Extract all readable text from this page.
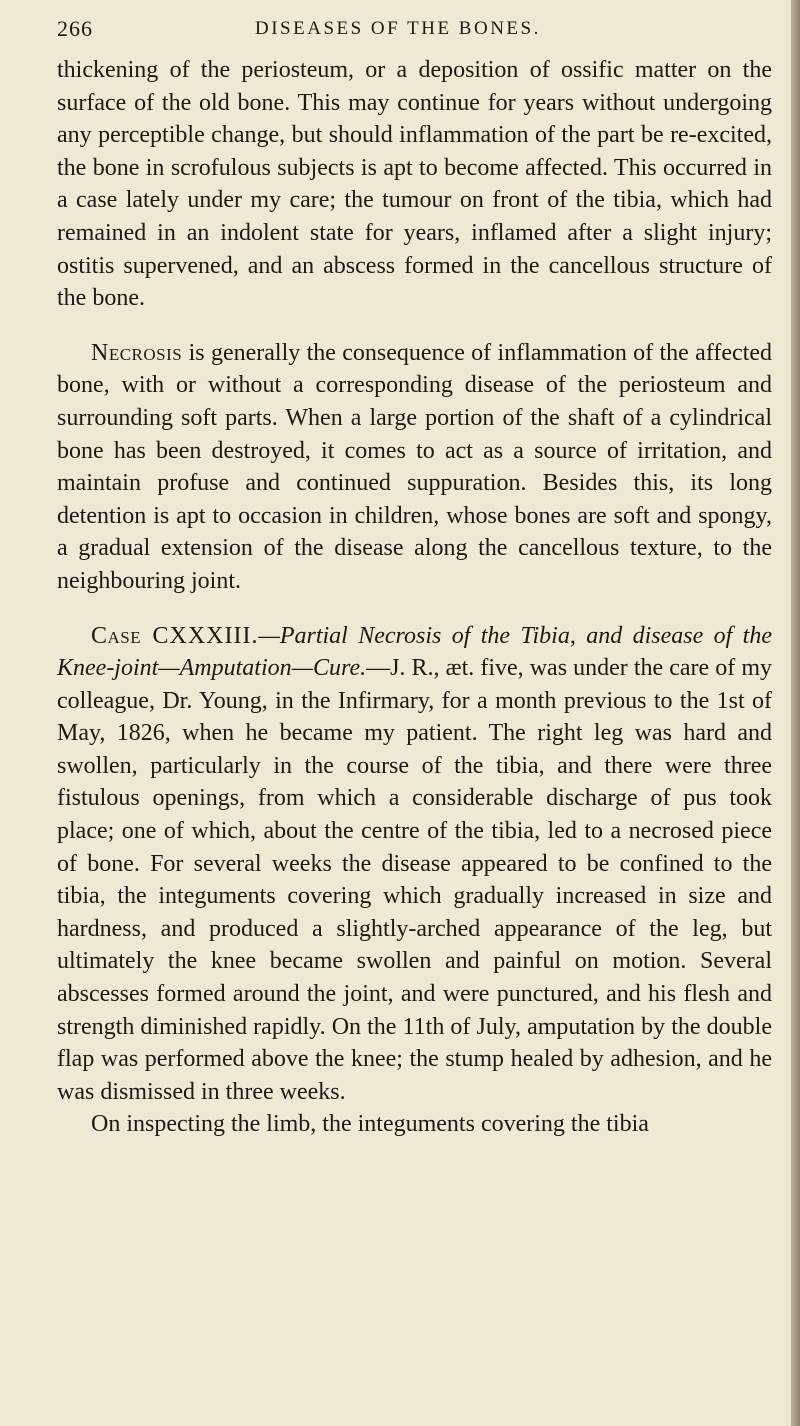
266	DISEASES OF THE BONES.

thickening of the periosteum, or a deposition of ossific matter on the surface of the old bone. This may continue for years without undergoing any perceptible change, but should inflammation of the part be re-excited, the bone in scrofulous subjects is apt to become affected. This occurred in a case lately under my care; the tumour on front of the tibia, which had remained in an indolent state for years, inflamed after a slight injury; ostitis supervened, and an abscess formed in the cancellous structure of the bone.

Necrosis is generally the consequence of inflammation of the affected bone, with or without a corresponding disease of the periosteum and surrounding soft parts. When a large portion of the shaft of a cylindrical bone has been destroyed, it comes to act as a source of irritation, and maintain profuse and continued suppuration. Besides this, its long detention is apt to occasion in children, whose bones are soft and spongy, a gradual extension of the disease along the cancellous texture, to the neighbouring joint.

Case CXXXIII.—Partial Necrosis of the Tibia, and disease of the Knee-joint—Amputation—Cure.—J. R., æt. five, was under the care of my colleague, Dr. Young, in the Infirmary, for a month previous to the 1st of May, 1826, when he became my patient. The right leg was hard and swollen, particularly in the course of the tibia, and there were three fistulous openings, from which a considerable discharge of pus took place; one of which, about the centre of the tibia, led to a necrosed piece of bone. For several weeks the disease appeared to be confined to the tibia, the integuments covering which gradually increased in size and hardness, and produced a slightly-arched appearance of the leg, but ultimately the knee became swollen and painful on motion. Several abscesses formed around the joint, and were punctured, and his flesh and strength diminished rapidly. On the 11th of July, amputation by the double flap was performed above the knee; the stump healed by adhesion, and he was dismissed in three weeks.

On inspecting the limb, the integuments covering the tibia
